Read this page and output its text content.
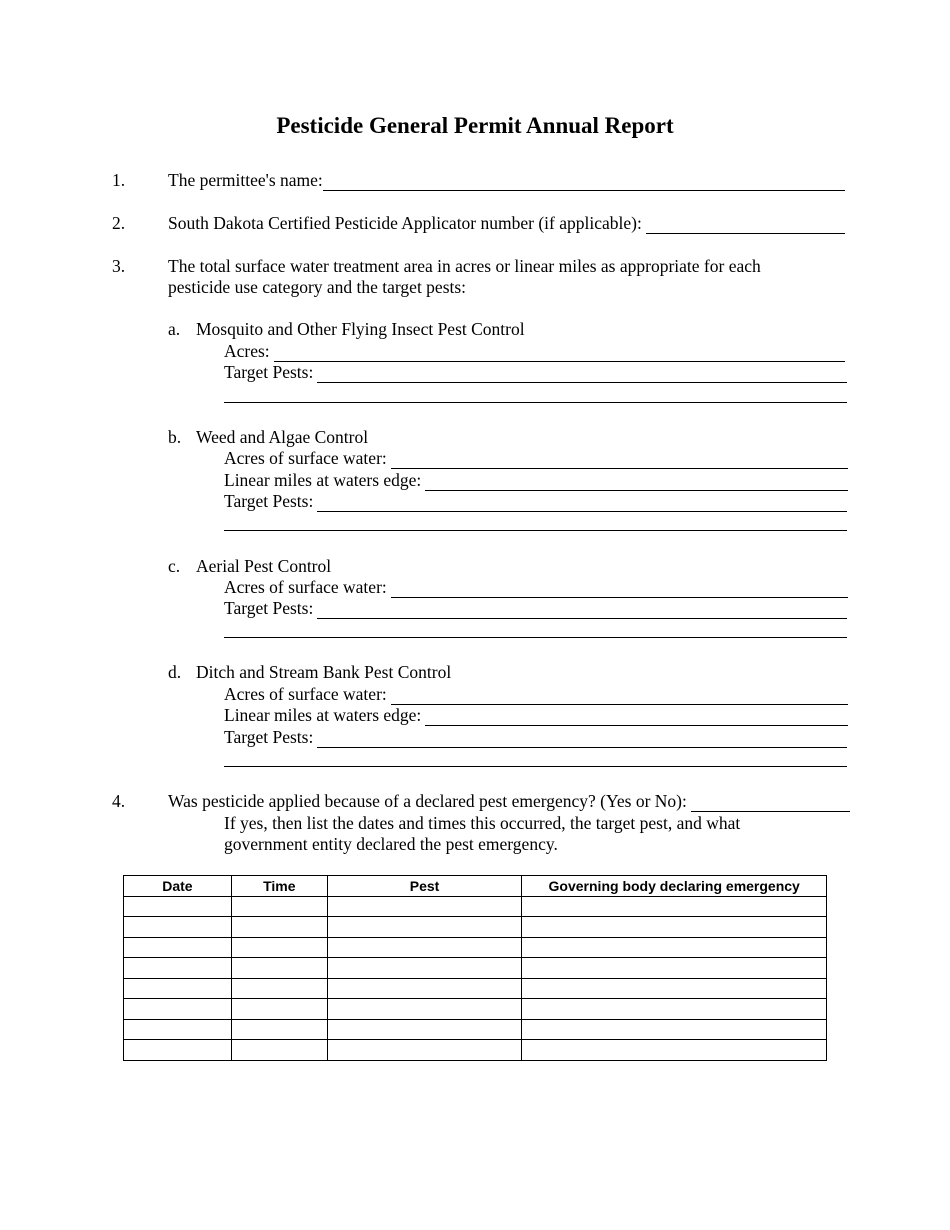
Pesticide General Permit Annual Report
1. The permittee's name:
2. South Dakota Certified Pesticide Applicator number (if applicable):
3. The total surface water treatment area in acres or linear miles as appropriate for each
pesticide use category and the target pests:
a. Mosquito and Other Flying Insect Pest Control
Acres:
Target Pests:
b. Weed and Algae Control
Acres of surface water:
Linear miles at waters edge:
Target Pests:
c. Aerial Pest Control
Acres of surface water:
Target Pests:
d. Ditch and Stream Bank Pest Control
Acres of surface water:
Linear miles at waters edge:
Target Pests:
4. Was pesticide applied because of a declared pest emergency? (Yes or No):
If yes, then list the dates and times this occurred, the target pest, and what
government entity declared the pest emergency.
Date	Time	Pest	Governing body declaring emergency
